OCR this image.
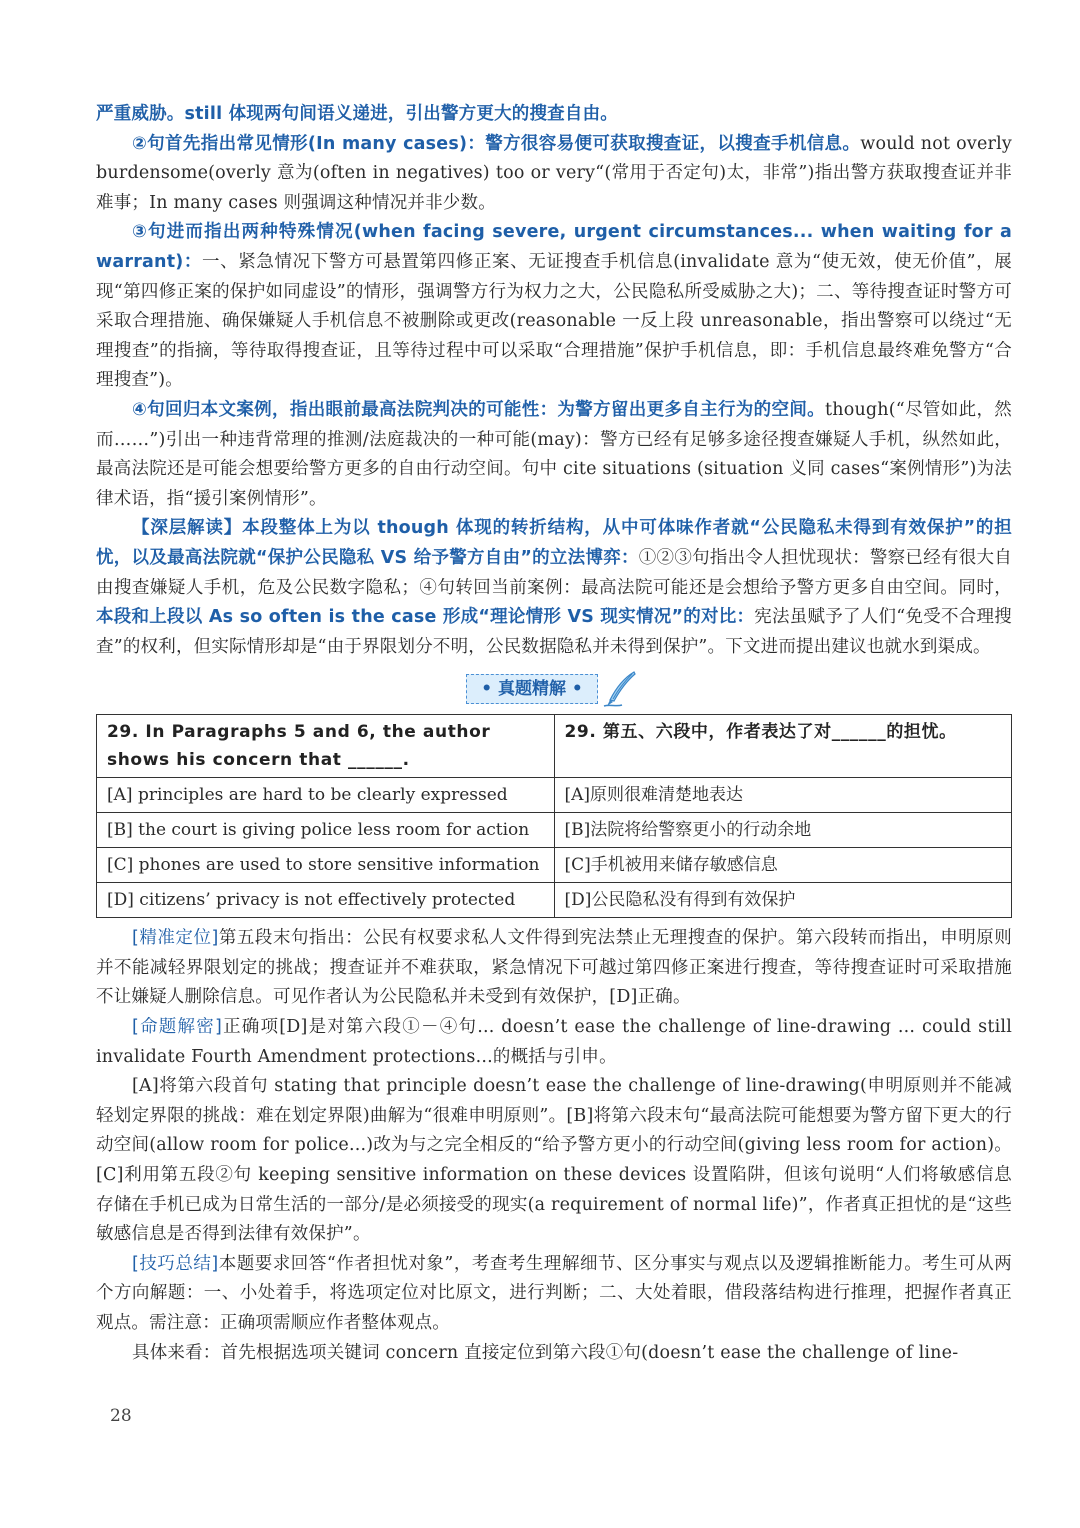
严重威胁。still 体现两句间语义递进，引出警方更大的搜查自由。

②句首先指出常见情形(In many cases)：警方很容易便可获取搜查证，以搜查手机信息。would not overly burdensome(overly 意为(often in negatives) too or very“(常用于否定句)太，非常”)指出警方获取搜查证并非难事；In many cases 则强调这种情况并非少数。

③句进而指出两种特殊情况(when facing severe, urgent circumstances... when waiting for a warrant)：一、紧急情况下警方可悬置第四修正案、无证搜查手机信息(invalidate 意为“使无效，使无价值”，展现“第四修正案的保护如同虚设”的情形，强调警方行为权力之大，公民隐私所受威胁之大)；二、等待搜查证时警方可采取合理措施、确保嫌疑人手机信息不被删除或更改(reasonable 一反上段 unreasonable，指出警察可以绕过“无理搜查”的指摘，等待取得搜查证，且等待过程中可以采取“合理措施”保护手机信息，即：手机信息最终难免警方“合理搜查”)。

④句回归本文案例，指出眼前最高法院判决的可能性：为警方留出更多自主行为的空间。though(“尽管如此，然而……”)引出一种违背常理的推测/法庭裁决的一种可能(may)：警方已经有足够多途径搜查嫌疑人手机，纵然如此，最高法院还是可能会想要给警方更多的自由行动空间。句中 cite situations (situation 义同 cases“案例情形”)为法律术语，指“援引案例情形”。

【深层解读】本段整体上为以 though 体现的转折结构，从中可体味作者就“公民隐私未得到有效保护”的担忧，以及最高法院就“保护公民隐私 VS 给予警方自由”的立法博弈：①②③句指出令人担忧现状：警察已经有很大自由搜查嫌疑人手机，危及公民数字隐私；④句转回当前案例：最高法院可能还是会想给予警方更多自由空间。同时，本段和上段以 As so often is the case 形成“理论情形 VS 现实情况”的对比：宪法虽赋予了人们“免受不合理搜查”的权利，但实际情形却是“由于界限划分不明，公民数据隐私并未得到保护”。下文进而提出建议也就水到渠成。

• 真题精解 •
29. In Paragraphs 5 and 6, the author shows his concern that ______.	29. 第五、六段中，作者表达了对______的担忧。
[A] principles are hard to be clearly expressed	[A]原则很难清楚地表达
[B] the court is giving police less room for action	[B]法院将给警察更小的行动余地
[C] phones are used to store sensitive information	[C]手机被用来储存敏感信息
[D] citizens’ privacy is not effectively protected	[D]公民隐私没有得到有效保护

[精准定位]第五段末句指出：公民有权要求私人文件得到宪法禁止无理搜查的保护。第六段转而指出，申明原则并不能减轻界限划定的挑战；搜查证并不难获取，紧急情况下可越过第四修正案进行搜查，等待搜查证时可采取措施不让嫌疑人删除信息。可见作者认为公民隐私并未受到有效保护，[D]正确。

[命题解密]正确项[D]是对第六段①－④句... doesn’t ease the challenge of line-drawing ... could still invalidate Fourth Amendment protections...的概括与引申。

[A]将第六段首句 stating that principle doesn’t ease the challenge of line-drawing(申明原则并不能减轻划定界限的挑战：难在划定界限)曲解为“很难申明原则”。[B]将第六段末句“最高法院可能想要为警方留下更大的行动空间(allow room for police...)改为与之完全相反的“给予警方更小的行动空间(giving less room for action)。[C]利用第五段②句 keeping sensitive information on these devices 设置陷阱，但该句说明“人们将敏感信息存储在手机已成为日常生活的一部分/是必须接受的现实(a requirement of normal life)”，作者真正担忧的是“这些敏感信息是否得到法律有效保护”。

[技巧总结]本题要求回答“作者担忧对象”，考查考生理解细节、区分事实与观点以及逻辑推断能力。考生可从两个方向解题：一、小处着手，将选项定位对比原文，进行判断；二、大处着眼，借段落结构进行推理，把握作者真正观点。需注意：正确项需顺应作者整体观点。

具体来看：首先根据选项关键词 concern 直接定位到第六段①句(doesn’t ease the challenge of line-

28
